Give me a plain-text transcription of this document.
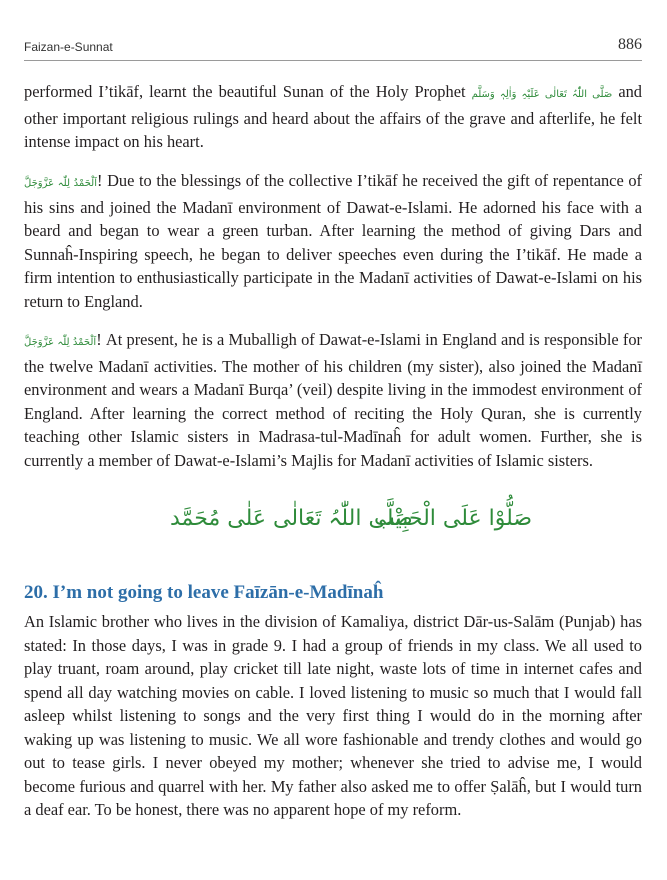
Faizan-e-Sunnat	886

performed I’tikāf, learnt the beautiful Sunan of the Holy Prophet صَلَّی اللّٰہُ تَعَالٰی عَلَیْہِ وَاٰلِہٖ وَسَلَّم and other important religious rulings and heard about the affairs of the grave and afterlife, he felt intense impact on his heart.

اَلْحَمْدُ لِلّٰہ عَزَّوَجَلَّ! Due to the blessings of the collective I’tikāf he received the gift of repentance of his sins and joined the Madanī environment of Dawat-e-Islami. He adorned his face with a beard and began to wear a green turban. After learning the method of giving Dars and Sunnaĥ-Inspiring speech, he began to deliver speeches even during the I’tikāf. He made a firm intention to enthusiastically participate in the Madanī activities of Dawat-e-Islami on his return to England.

اَلْحَمْدُ لِلّٰہ عَزَّوَجَلَّ! At present, he is a Muballigh of Dawat-e-Islami in England and is responsible for the twelve Madanī activities. The mother of his children (my sister), also joined the Madanī environment and wears a Madanī Burqa’ (veil) despite living in the immodest environment of England. After learning the correct method of reciting the Holy Quran, she is currently teaching other Islamic sisters in Madrasa-tul-Madīnaĥ for adult women. Further, she is currently a member of Dawat-e-Islami’s Majlis for Madanī activities of Islamic sisters.

صَلُّوْا عَلَی الْحَبِیْب
صَلَّی اللّٰہُ تَعَالٰی عَلٰی مُحَمَّد
20. I’m not going to leave Faīzān-e-Madīnaĥ

An Islamic brother who lives in the division of Kamaliya, district Dār-us-Salām (Punjab) has stated: In those days, I was in grade 9. I had a group of friends in my class. We all used to play truant, roam around, play cricket till late night, waste lots of time in internet cafes and spend all day watching movies on cable. I loved listening to music so much that I would fall asleep whilst listening to songs and the very first thing I would do in the morning after waking up was listening to music. We all wore fashionable and trendy clothes and would go out to tease girls. I never obeyed my mother; whenever she tried to advise me, I would become furious and quarrel with her. My father also asked me to offer Ṣalāĥ, but I would turn a deaf ear. To be honest, there was no apparent hope of my reform.
